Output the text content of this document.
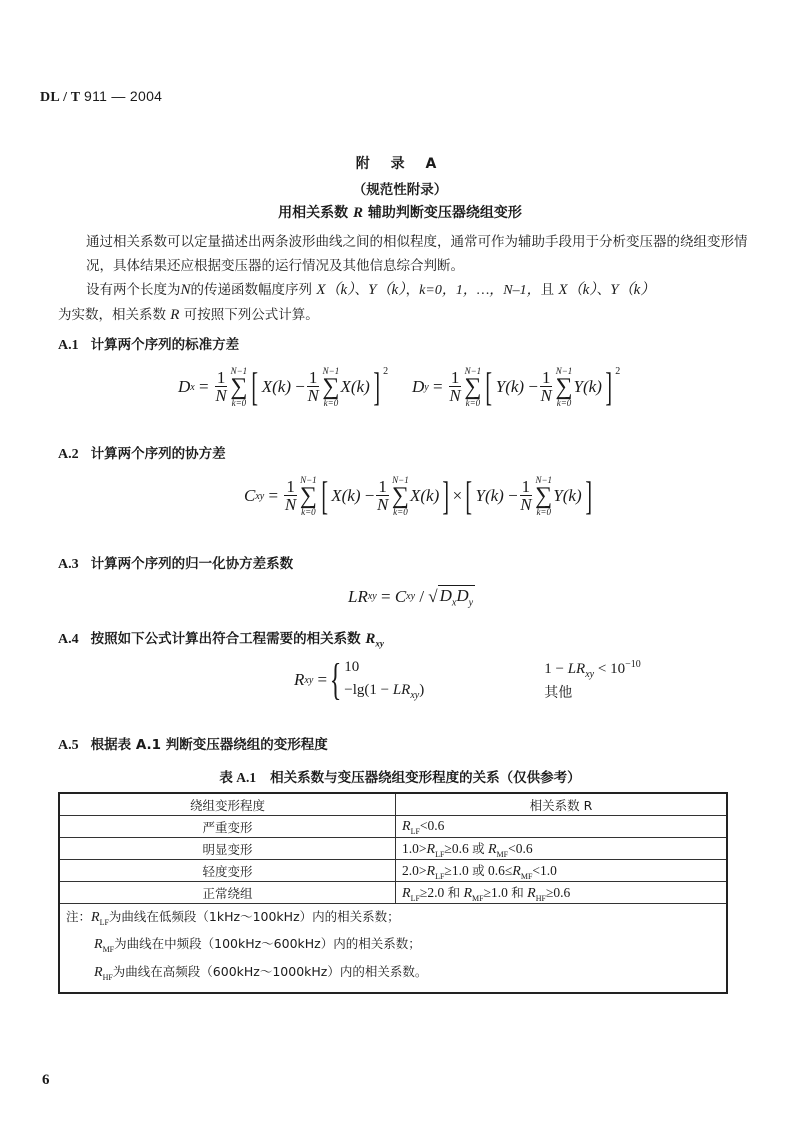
DL / T 911 — 2004
附 录 A
（规范性附录）
用相关系数 R 辅助判断变压器绕组变形
通过相关系数可以定量描述出两条波形曲线之间的相似程度，通常可作为辅助手段用于分析变压器的绕组变形情况，具体结果还应根据变压器的运行情况及其他信息综合判断。
设有两个长度为N的传递函数幅度序列 X（k）、Y（k），k=0，1，…，N–1，且 X（k）、Y（k）
为实数，相关系数 R 可按照下列公式计算。
A.1 计算两个序列的标准方差
D $x = \frac{1}{N} N-1$
∑
k=0 [ $X(k) - \frac{1}{N} N-1$
∑
k=0
X(k) ] 2
D $y = \frac{1}{N} N-1$
∑
k=0 [ $Y(k) - \frac{1}{N} N-1$
∑
k=0
Y(k) ] 2
A.2 计算两个序列的协方差
C xy = $\frac{1}{N} N-1$
∑
k=0 [ $X(k) - \frac{1}{N} N-1$
∑
k=0
X(k) ] × [ $Y(k) - \frac{1}{N} N-1$
∑
k=0
Y(k) ]
A.3 计算两个序列的归一化协方差系数
LR xy = C xy / √ $D_xD_y$
A.4 按照如下公式计算出符合工程需要的相关系数 $R_{xy}$
R xy = { 10	$1 - LR_{xy} < 10^{-10}$
$-\lg(1 - LR_{xy})$	其他
A.5 根据表 A.1 判断变压器绕组的变形程度
表 A.1 相关系数与变压器绕组变形程度的关系（仅供参考）
绕组变形程度	相关系数 R
严重变形	$R_{LF}<0.6$
明显变形	$1.0>R_{LF}\ge 0.6$ 或 $R_{MF}<0.6$
轻度变形	$2.0>R_{LF}\ge 1.0$ 或 $0.6\le R_{MF}<1.0$
正常绕组	$R_{LF}\ge 2.0$ 和 $R_{MF}\ge 1.0$ 和 $R_{HF}\ge 0.6$

注：$R_{LF}$为曲线在低频段（1kHz～100kHz）内的相关系数；
$R_{MF}$为曲线在中频段（100kHz～600kHz）内的相关系数；
$R_{HF}$为曲线在高频段（600kHz～1000kHz）内的相关系数。	
6
